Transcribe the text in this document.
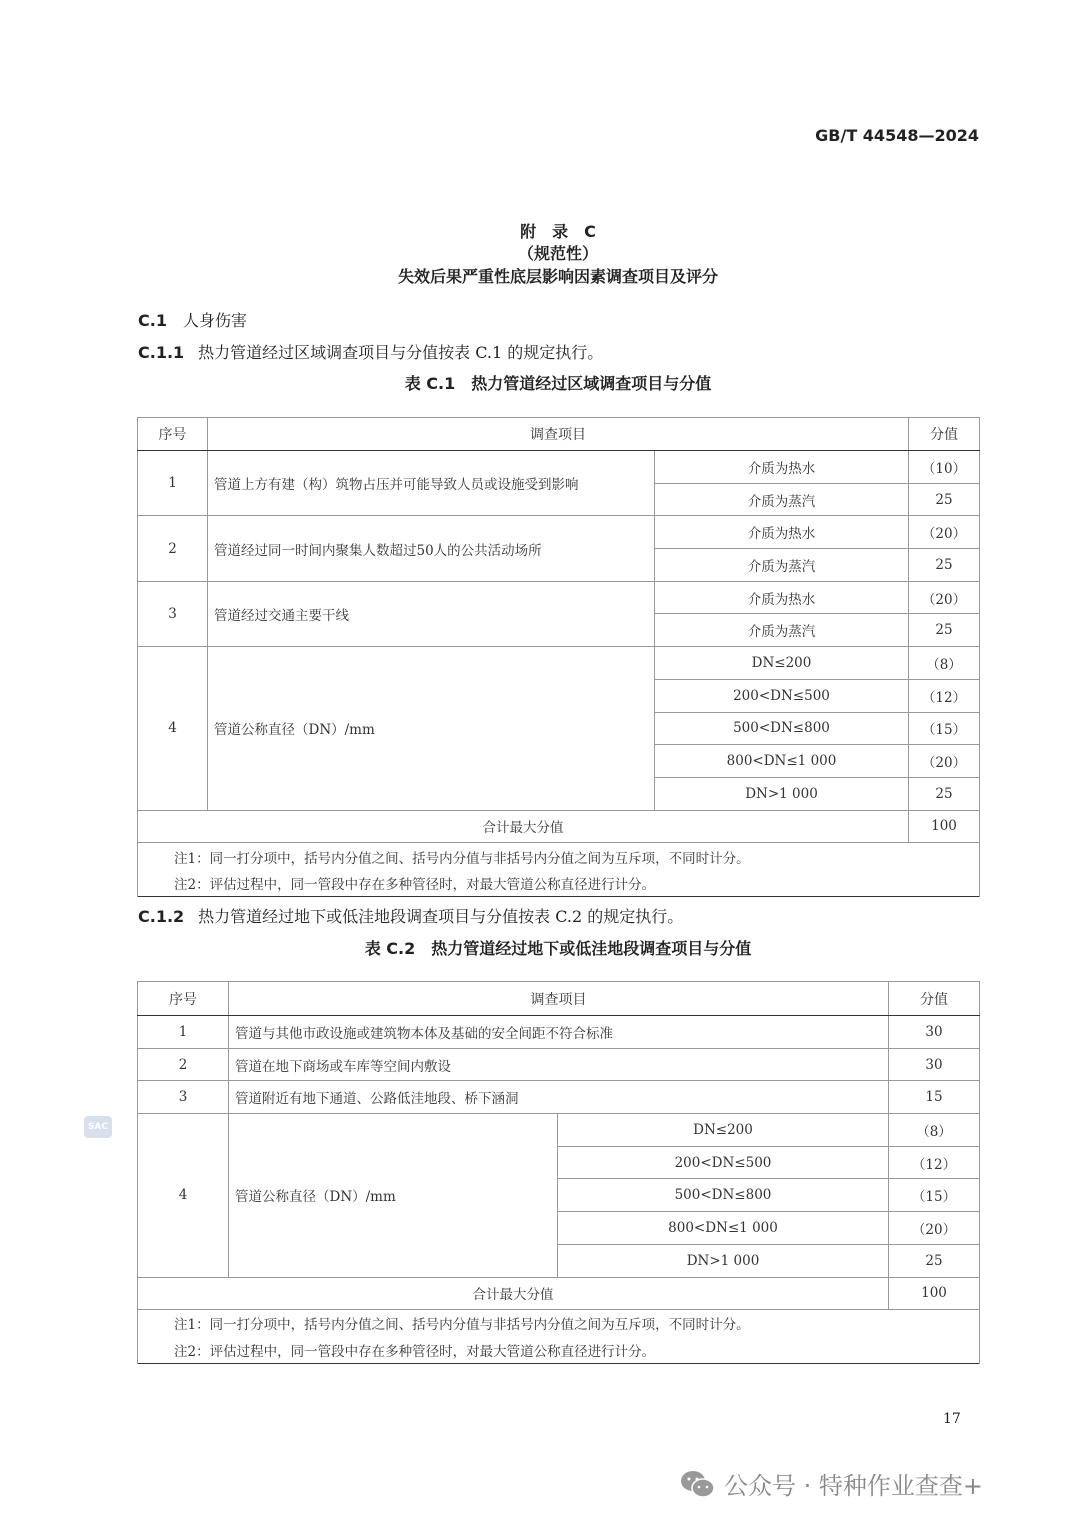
GB/T 44548—2024
附　录　C
（规范性）
失效后果严重性底层影响因素调查项目及评分
C.1 人身伤害
C.1.1 热力管道经过区域调查项目与分值按表 C.1 的规定执行。
表 C.1　热力管道经过区域调查项目与分值
序号	调查项目		分值
1	管道上方有建（构）筑物占压并可能导致人员或设施受到影响	介质为热水	（10）
		介质为蒸汽	25
2	管道经过同一时间内聚集人数超过50人的公共活动场所	介质为热水	（20）
		介质为蒸汽	25
3	管道经过交通主要干线	介质为热水	（20）
		介质为蒸汽	25
4	管道公称直径（DN）/mm	DN≤200	（8）
		200<DN≤500	（12）
		500<DN≤800	（15）
		800<DN≤1 000	（20）
		DN>1 000	25
合计最大分值			100
注1：同一打分项中，括号内分值之间、括号内分值与非括号内分值之间为互斥项，不同时计分。			
注2：评估过程中，同一管段中存在多种管径时，对最大管道公称直径进行计分。			
C.1.2 热力管道经过地下或低洼地段调查项目与分值按表 C.2 的规定执行。
表 C.2　热力管道经过地下或低洼地段调查项目与分值
序号	调查项目		分值
1	管道与其他市政设施或建筑物本体及基础的安全间距不符合标准		30
2	管道在地下商场或车库等空间内敷设		30
3	管道附近有地下通道、公路低洼地段、桥下涵洞		15
4	管道公称直径（DN）/mm	DN≤200	（8）
		200<DN≤500	（12）
		500<DN≤800	（15）
		800<DN≤1 000	（20）
		DN>1 000	25
合计最大分值			100
注1：同一打分项中，括号内分值之间、括号内分值与非括号内分值之间为互斥项，不同时计分。			
注2：评估过程中，同一管段中存在多种管径时，对最大管道公称直径进行计分。			
SAC
17
公众号 · 特种作业查查+
